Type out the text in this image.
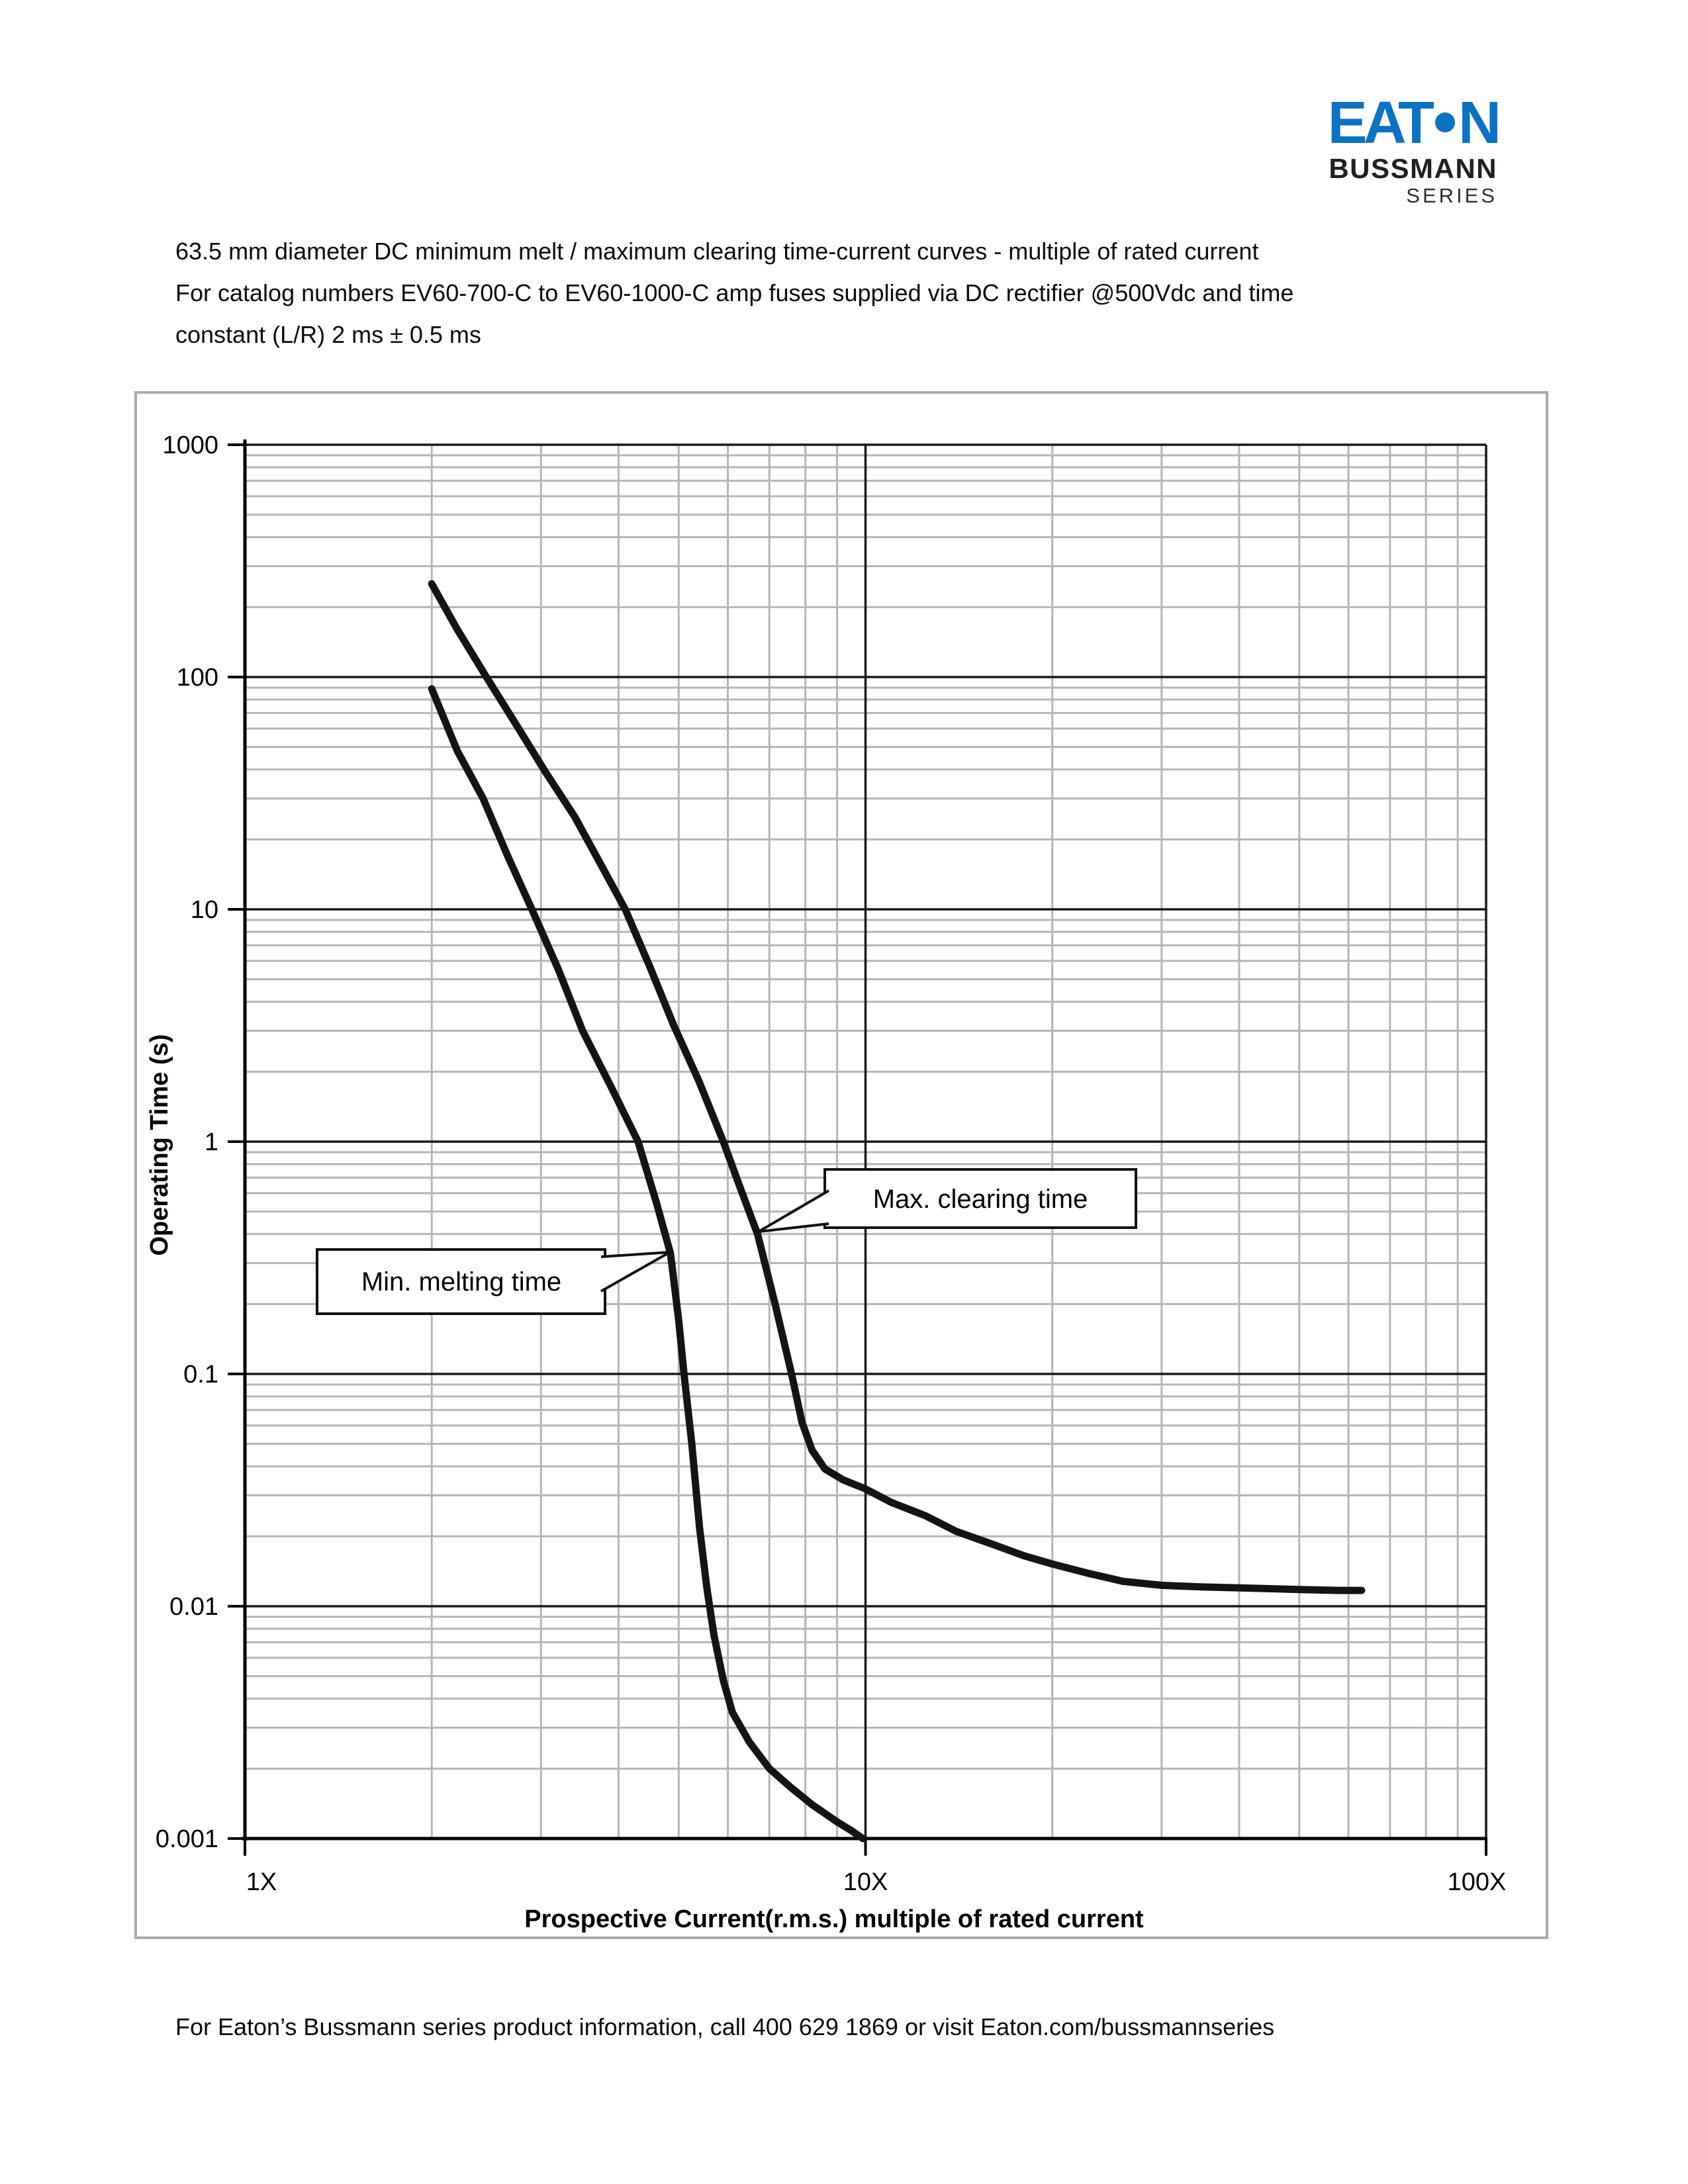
EAT N
BUSSMANN
SERIES
63.5 mm diameter DC minimum melt / maximum clearing time-current curves - multiple of rated current
For catalog numbers EV60-700-C to EV60-1000-C amp fuses supplied via DC rectifier @500Vdc and time
constant (L/R) 2 ms ± 0.5 ms
1000
100
10
1
0.1
0.01
0.001
1X	10X	100X
Operating Time (s)
Prospective Current(r.m.s.) multiple of rated current
Min. melting time
Max. clearing time
For Eaton’s Bussmann series product information, call 400 629 1869 or visit Eaton.com/bussmannseries
